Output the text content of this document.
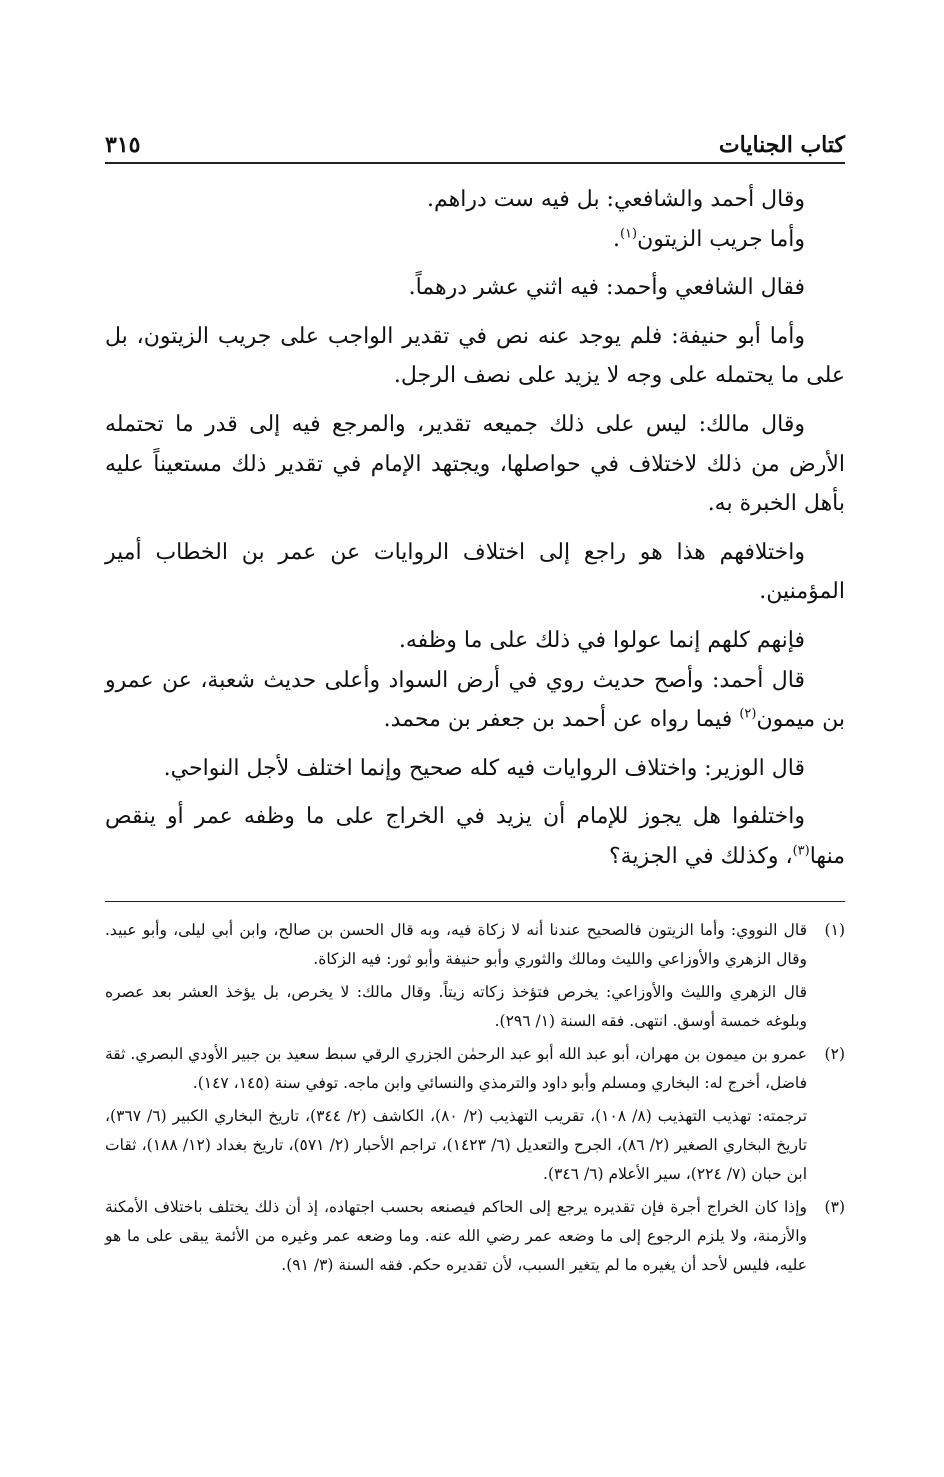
كتاب الجنايات
٣١٥

وقال أحمد والشافعي: بل فيه ست دراهم.

وأما جريب الزيتون$^{(١)}$.

فقال الشافعي وأحمد: فيه اثني عشر درهماً.

وأما أبو حنيفة: فلم يوجد عنه نص في تقدير الواجب على جريب الزيتون، بل على ما يحتمله على وجه لا يزيد على نصف الرجل.

وقال مالك: ليس على ذلك جميعه تقدير، والمرجع فيه إلى قدر ما تحتمله الأرض من ذلك لاختلاف في حواصلها، ويجتهد الإمام في تقدير ذلك مستعيناً عليه بأهل الخبرة به.

واختلافهم هذا هو راجع إلى اختلاف الروايات عن عمر بن الخطاب أمير المؤمنين.

فإنهم كلهم إنما عولوا في ذلك على ما وظفه.

قال أحمد: وأصح حديث روي في أرض السواد وأعلى حديث شعبة، عن عمرو بن ميمون$^{(٢)}$ فيما رواه عن أحمد بن جعفر بن محمد.

قال الوزير: واختلاف الروايات فيه كله صحيح وإنما اختلف لأجل النواحي.

واختلفوا هل يجوز للإمام أن يزيد في الخراج على ما وظفه عمر أو ينقص منها$^{(٣)}$، وكذلك في الجزية؟

(١)
قال النووي: وأما الزيتون فالصحيح عندنا أنه لا زكاة فيه، وبه قال الحسن بن صالح، وابن أبي ليلى، وأبو عبيد. وقال الزهري والأوزاعي والليث ومالك والثوري وأبو حنيفة وأبو ثور: فيه الزكاة.
قال الزهري والليث والأوزاعي: يخرص فتؤخذ زكاته زيتاً. وقال مالك: لا يخرص، بل يؤخذ العشر بعد عصره وبلوغه خمسة أوسق. انتهى. فقه السنة (١/ ٢٩٦).
(٢)
عمرو بن ميمون بن مهران، أبو عبد الله أبو عبد الرحمٰن الجزري الرقي سبط سعيد بن جبير الأودي البصري. ثقة فاضل، أخرج له: البخاري ومسلم وأبو داود والترمذي والنسائي وابن ماجه. توفي سنة (١٤٥، ١٤٧).
ترجمته: تهذيب التهذيب (٨/ ١٠٨)، تقريب التهذيب (٢/ ٨٠)، الكاشف (٢/ ٣٤٤)، تاريخ البخاري الكبير (٦/ ٣٦٧)، تاريخ البخاري الصغير (٢/ ٨٦)، الجرح والتعديل (٦/ ١٤٢٣)، تراجم الأحبار (٢/ ٥٧١)، تاريخ بغداد (١٢/ ١٨٨)، ثقات ابن حبان (٧/ ٢٢٤)، سير الأعلام (٦/ ٣٤٦).
(٣)
وإذا كان الخراج أجرة فإن تقديره يرجع إلى الحاكم فيصنعه بحسب اجتهاده، إذ أن ذلك يختلف باختلاف الأمكنة والأزمنة، ولا يلزم الرجوع إلى ما وضعه عمر رضي الله عنه. وما وضعه عمر وغيره من الأئمة يبقى على ما هو عليه، فليس لأحد أن يغيره ما لم يتغير السبب، لأن تقديره حكم. فقه السنة (٣/ ٩١).
